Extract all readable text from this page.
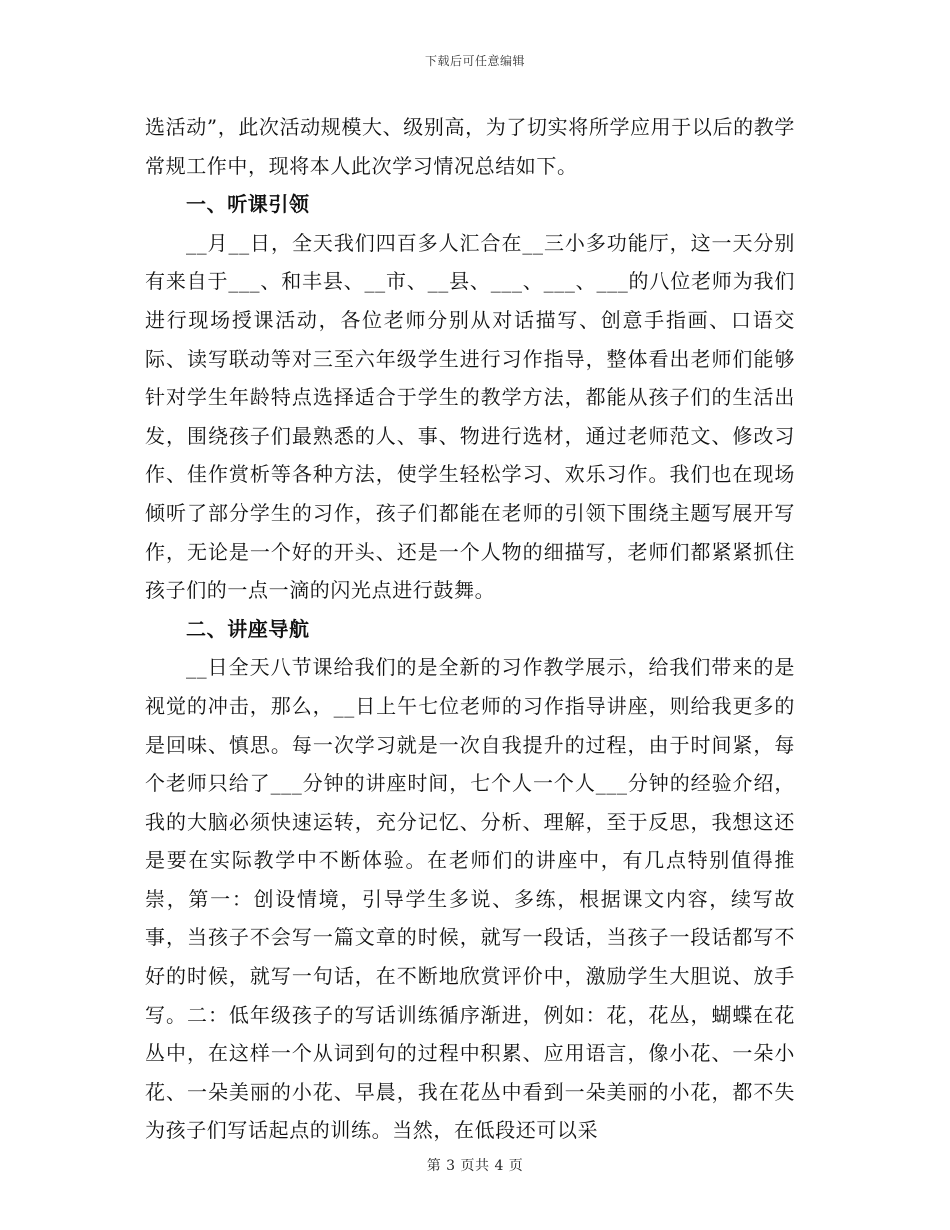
下载后可任意编辑

选活动”，此次活动规模大、级别高，为了切实将所学应用于以后的教学常规工作中，现将本人此次学习情况总结如下。

一、听课引领

__月__日，全天我们四百多人汇合在__三小多功能厅，这一天分别有来自于___、和丰县、__市、__县、___、___、___的八位老师为我们进行现场授课活动，各位老师分别从对话描写、创意手指画、口语交际、读写联动等对三至六年级学生进行习作指导，整体看出老师们能够针对学生年龄特点选择适合于学生的教学方法，都能从孩子们的生活出发，围绕孩子们最熟悉的人、事、物进行选材，通过老师范文、修改习作、佳作赏析等各种方法，使学生轻松学习、欢乐习作。我们也在现场倾听了部分学生的习作，孩子们都能在老师的引领下围绕主题写展开写作，无论是一个好的开头、还是一个人物的细描写，老师们都紧紧抓住孩子们的一点一滴的闪光点进行鼓舞。

二、讲座导航

__日全天八节课给我们的是全新的习作教学展示，给我们带来的是视觉的冲击，那么，__日上午七位老师的习作指导讲座，则给我更多的是回味、慎思。每一次学习就是一次自我提升的过程，由于时间紧，每个老师只给了___分钟的讲座时间，七个人一个人___分钟的经验介绍，我的大脑必须快速运转，充分记忆、分析、理解，至于反思，我想这还是要在实际教学中不断体验。在老师们的讲座中，有几点特别值得推崇，第一：创设情境，引导学生多说、多练，根据课文内容，续写故事，当孩子不会写一篇文章的时候，就写一段话，当孩子一段话都写不好的时候，就写一句话，在不断地欣赏评价中，激励学生大胆说、放手写。二：低年级孩子的写话训练循序渐进，例如：花，花丛，蝴蝶在花丛中，在这样一个从词到句的过程中积累、应用语言，像小花、一朵小花、一朵美丽的小花、早晨，我在花丛中看到一朵美丽的小花，都不失为孩子们写话起点的训练。当然，在低段还可以采

第 3 页共 4 页
